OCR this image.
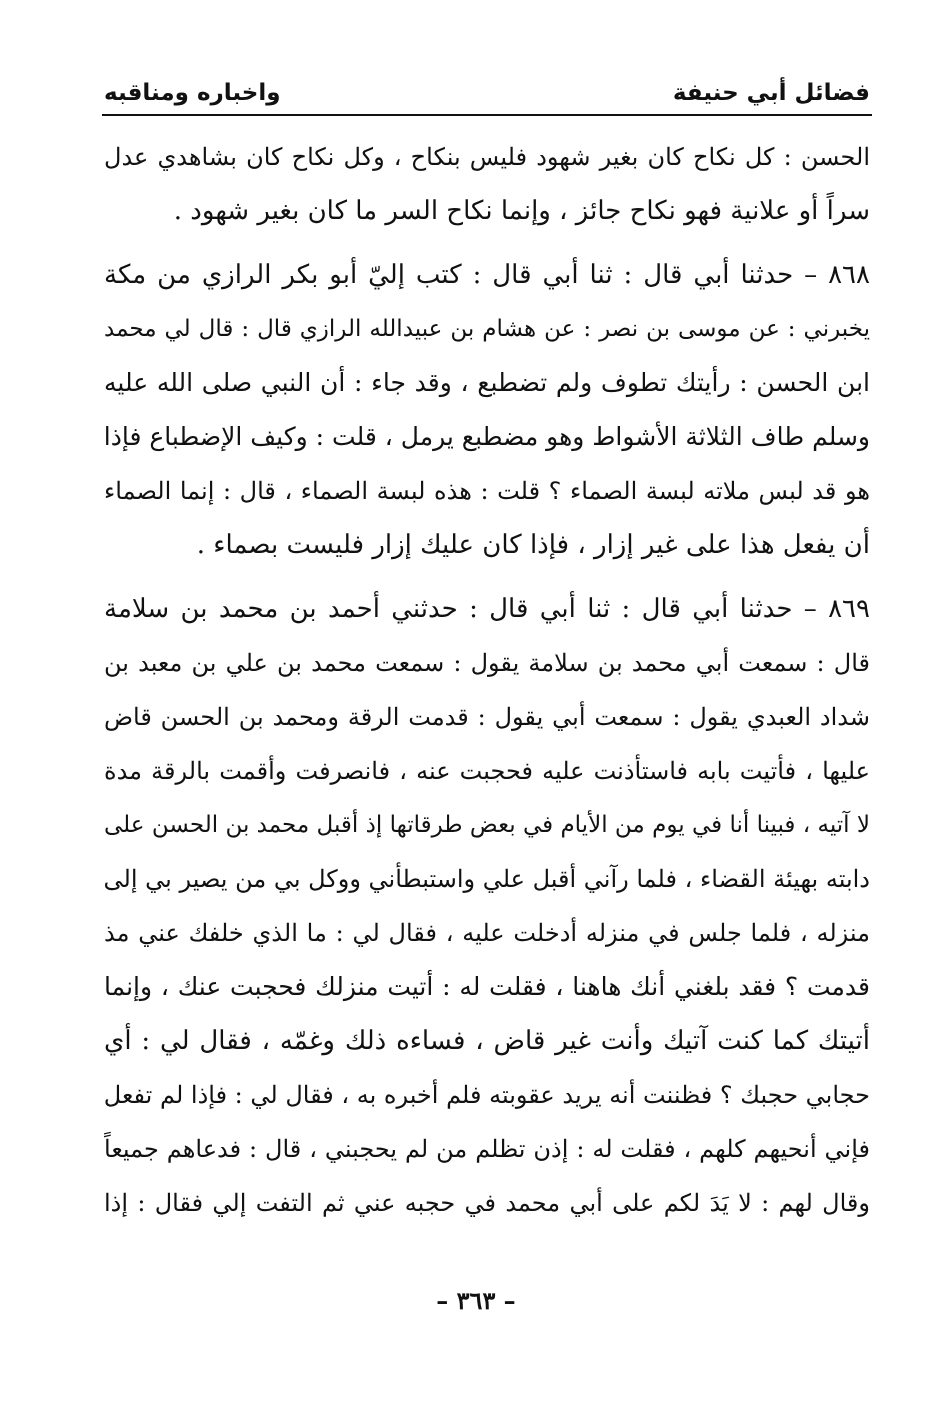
فضائل أبي حنيفة
واخباره ومناقبه
الحسن : كل نكاح كان بغير شهود فليس بنكاح ، وكل نكاح كان بشاهدي عدل
سراً أو علانية فهو نكاح جائز ، وإنما نكاح السر ما كان بغير شهود .
٨٦٨ – حدثنا أبي قال : ثنا أبي قال : كتب إليّ أبو بكر الرازي من مكة
يخبرني : عن موسى بن نصر : عن هشام بن عبيدالله الرازي قال : قال لي محمد
ابن الحسن : رأيتك تطوف ولم تضطبع ، وقد جاء : أن النبي صلى الله عليه
وسلم طاف الثلاثة الأشواط وهو مضطبع يرمل ، قلت : وكيف الإضطباع فإذا
هو قد لبس ملاته لبسة الصماء ؟ قلت : هذه لبسة الصماء ، قال : إنما الصماء
أن يفعل هذا على غير إزار ، فإذا كان عليك إزار فليست بصماء .
٨٦٩ – حدثنا أبي قال : ثنا أبي قال : حدثني أحمد بن محمد بن سلامة
قال : سمعت أبي محمد بن سلامة يقول : سمعت محمد بن علي بن معبد بن
شداد العبدي يقول : سمعت أبي يقول : قدمت الرقة ومحمد بن الحسن قاض
عليها ، فأتيت بابه فاستأذنت عليه فحجبت عنه ، فانصرفت وأقمت بالرقة مدة
لا آتيه ، فبينا أنا في يوم من الأيام في بعض طرقاتها إذ أقبل محمد بن الحسن على
دابته بهيئة القضاء ، فلما رآني أقبل علي واستبطأني ووكل بي من يصير بي إلى
منزله ، فلما جلس في منزله أدخلت عليه ، فقال لي : ما الذي خلفك عني مذ
قدمت ؟ فقد بلغني أنك هاهنا ، فقلت له : أتيت منزلك فحجبت عنك ، وإنما
أتيتك كما كنت آتيك وأنت غير قاض ، فساءه ذلك وغمّه ، فقال لي : أي
حجابي حجبك ؟ فظننت أنه يريد عقوبته فلم أخبره به ، فقال لي : فإذا لم تفعل
فإني أنحيهم كلهم ، فقلت له : إذن تظلم من لم يحجبني ، قال : فدعاهم جميعاً
وقال لهم : لا يَدَ لكم على أبي محمد في حجبه عني ثم التفت إلي فقال : إذا
– ٣٦٣ –
